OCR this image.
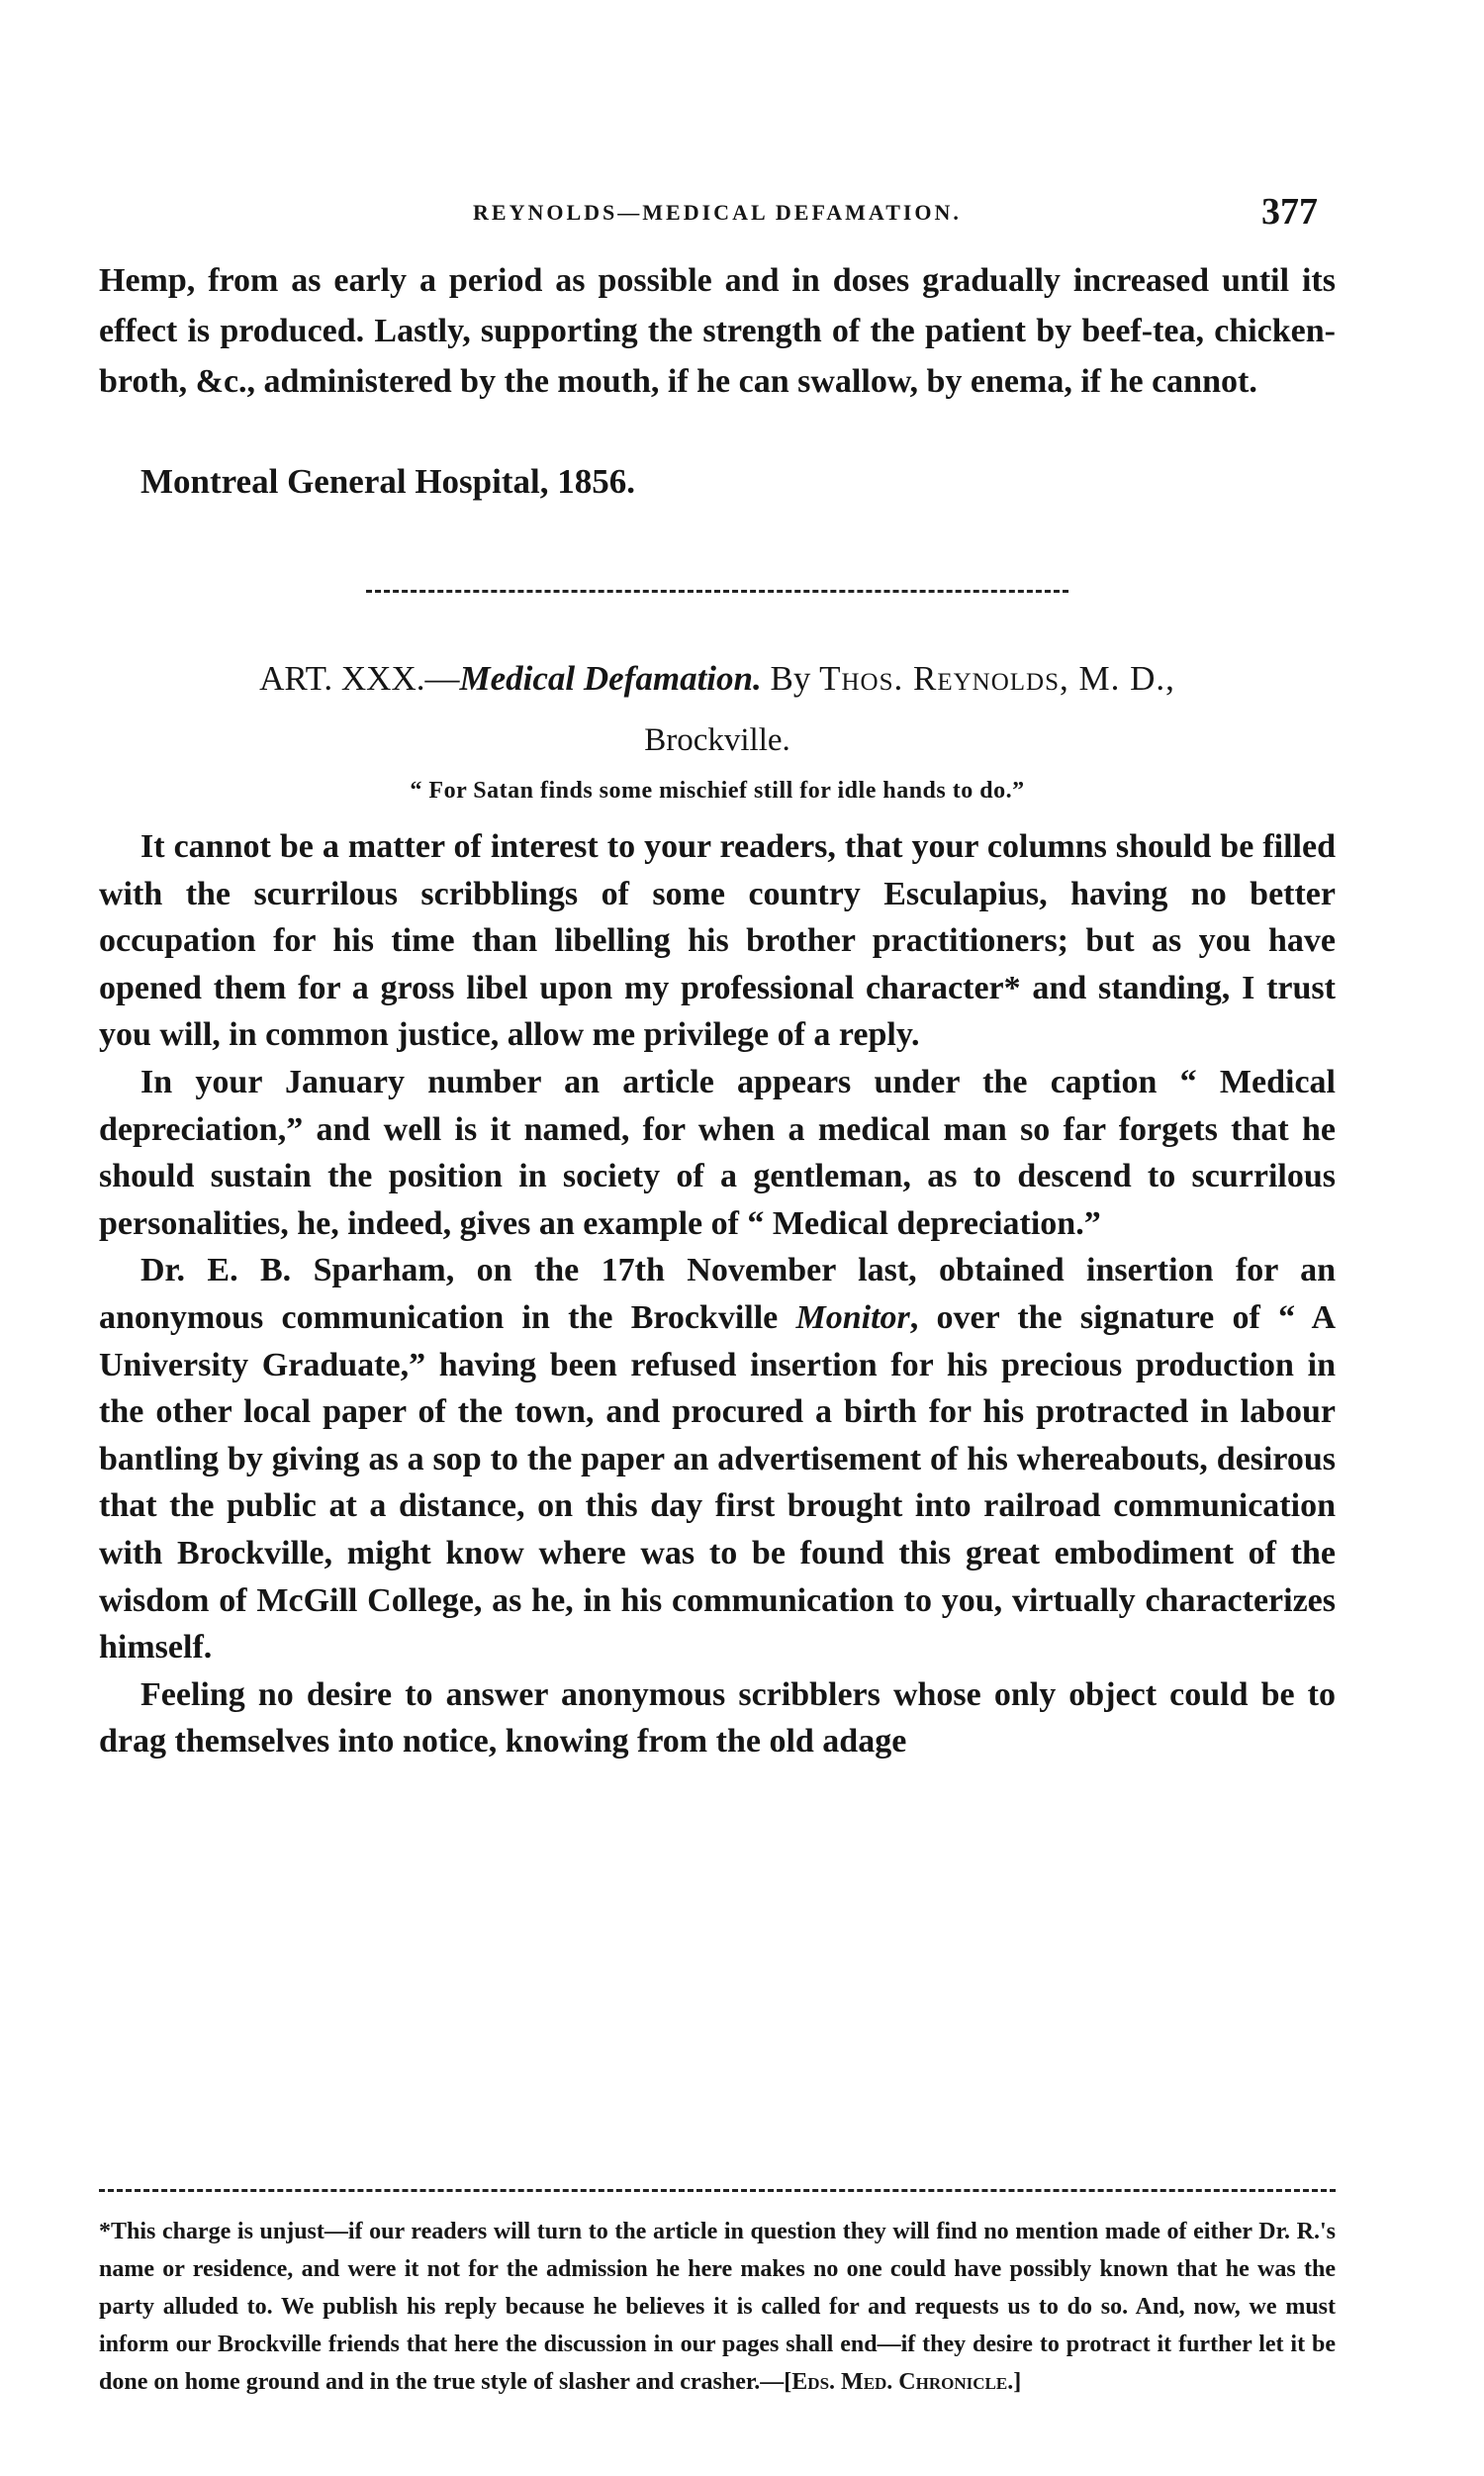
REYNOLDS—MEDICAL DEFAMATION.	377

Hemp, from as early a period as possible and in doses gradually increased until its effect is produced. Lastly, supporting the strength of the patient by beef-tea, chicken-broth, &c., administered by the mouth, if he can swallow, by enema, if he cannot.

Montreal General Hospital, 1856.
ART. XXX.—Medical Defamation. By Thos. Reynolds, M. D.,
Brockville.
“ For Satan finds some mischief still for idle hands to do.”

It cannot be a matter of interest to your readers, that your columns should be filled with the scurrilous scribblings of some country Esculapius, having no better occupation for his time than libelling his brother practitioners; but as you have opened them for a gross libel upon my professional character* and standing, I trust you will, in common justice, allow me privilege of a reply.

In your January number an article appears under the caption “ Medical depreciation,” and well is it named, for when a medical man so far forgets that he should sustain the position in society of a gentleman, as to descend to scurrilous personalities, he, indeed, gives an example of “ Medical depreciation.”

Dr. E. B. Sparham, on the 17th November last, obtained insertion for an anonymous communication in the Brockville Monitor, over the signature of “ A University Graduate,” having been refused insertion for his precious production in the other local paper of the town, and procured a birth for his protracted in labour bantling by giving as a sop to the paper an advertisement of his whereabouts, desirous that the public at a distance, on this day first brought into railroad communication with Brockville, might know where was to be found this great embodiment of the wisdom of McGill College, as he, in his communication to you, virtually characterizes himself.

Feeling no desire to answer anonymous scribblers whose only object could be to drag themselves into notice, knowing from the old adage

*This charge is unjust—if our readers will turn to the article in question they will find no mention made of either Dr. R.'s name or residence, and were it not for the admission he here makes no one could have possibly known that he was the party alluded to. We publish his reply because he believes it is called for and requests us to do so. And, now, we must inform our Brockville friends that here the discussion in our pages shall end—if they desire to protract it further let it be done on home ground and in the true style of slasher and crasher.—[Eds. Med. Chronicle.]
